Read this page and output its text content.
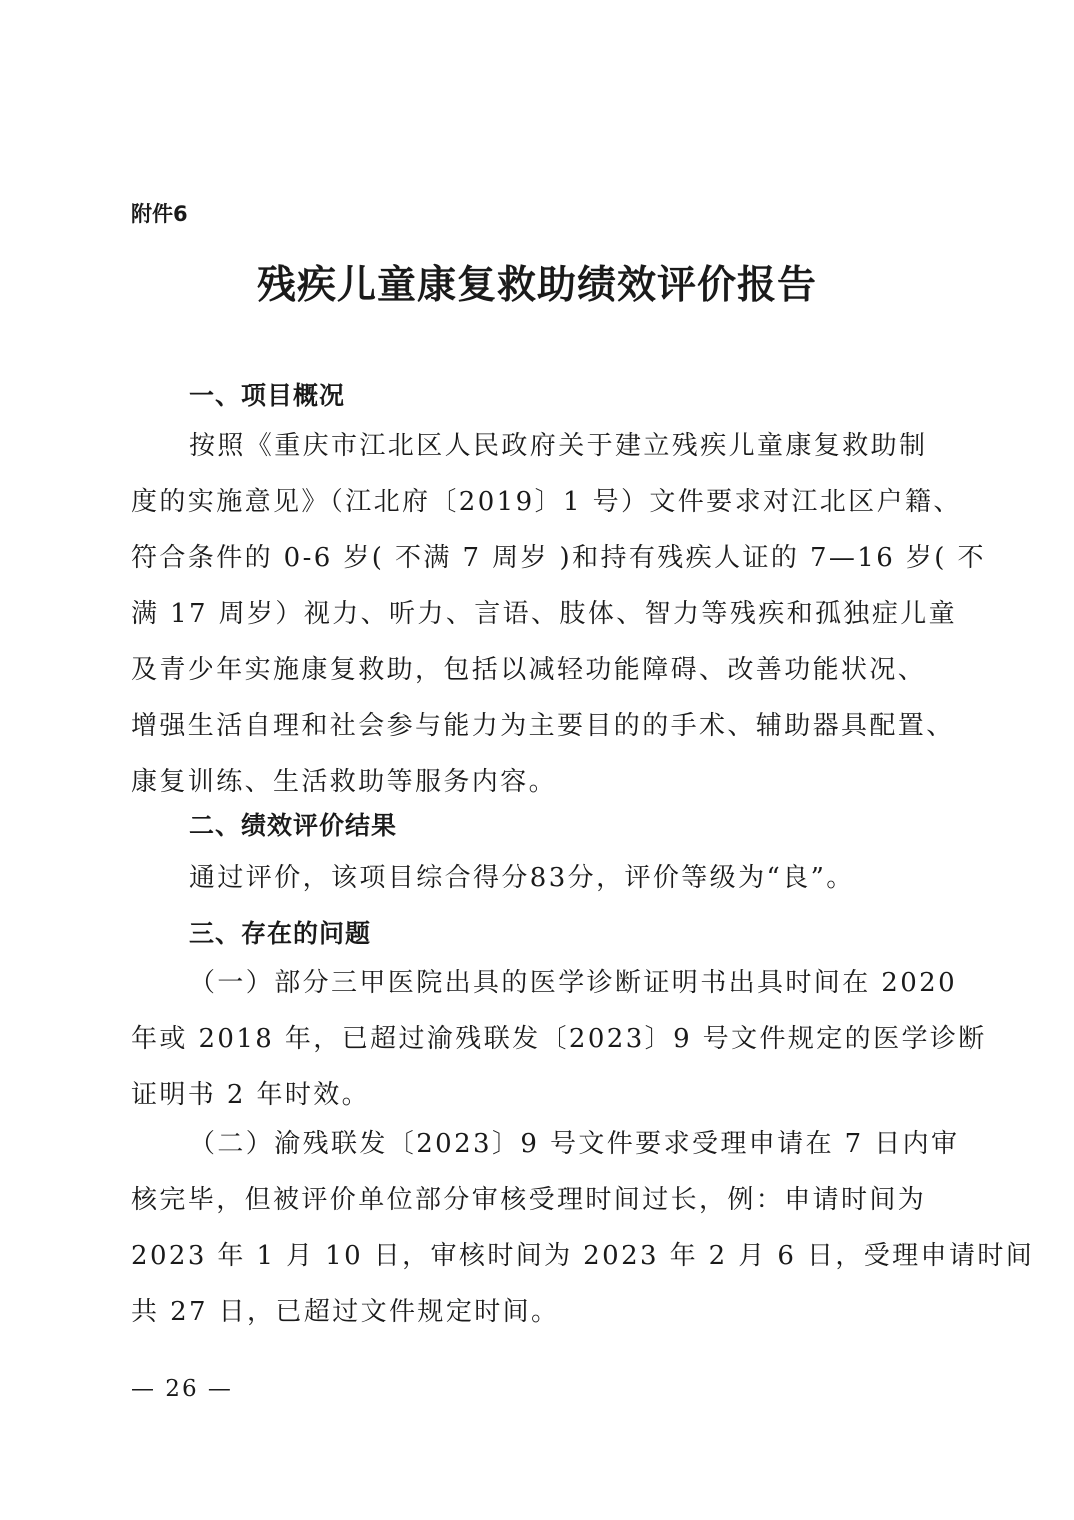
附件6
残疾儿童康复救助绩效评价报告
一、项目概况
按照《重庆市江北区人民政府关于建立残疾儿童康复救助制
度的实施意见》（江北府〔2019〕1 号）文件要求对江北区户籍、
符合条件的 0-6 岁( 不满 7 周岁 )和持有残疾人证的 7—16 岁( 不
满 17 周岁）视力、听力、言语、肢体、智力等残疾和孤独症儿童
及青少年实施康复救助，包括以减轻功能障碍、改善功能状况、
增强生活自理和社会参与能力为主要目的的手术、辅助器具配置、
康复训练、生活救助等服务内容。
二、绩效评价结果
通过评价，该项目综合得分83分，评价等级为“良”。
三、存在的问题
（一）部分三甲医院出具的医学诊断证明书出具时间在 2020
年或 2018 年，已超过渝残联发〔2023〕9 号文件规定的医学诊断
证明书 2 年时效。
（二）渝残联发〔2023〕9 号文件要求受理申请在 7 日内审
核完毕，但被评价单位部分审核受理时间过长，例：申请时间为
2023 年 1 月 10 日，审核时间为 2023 年 2 月 6 日，受理申请时间
共 27 日，已超过文件规定时间。
— 26 —
